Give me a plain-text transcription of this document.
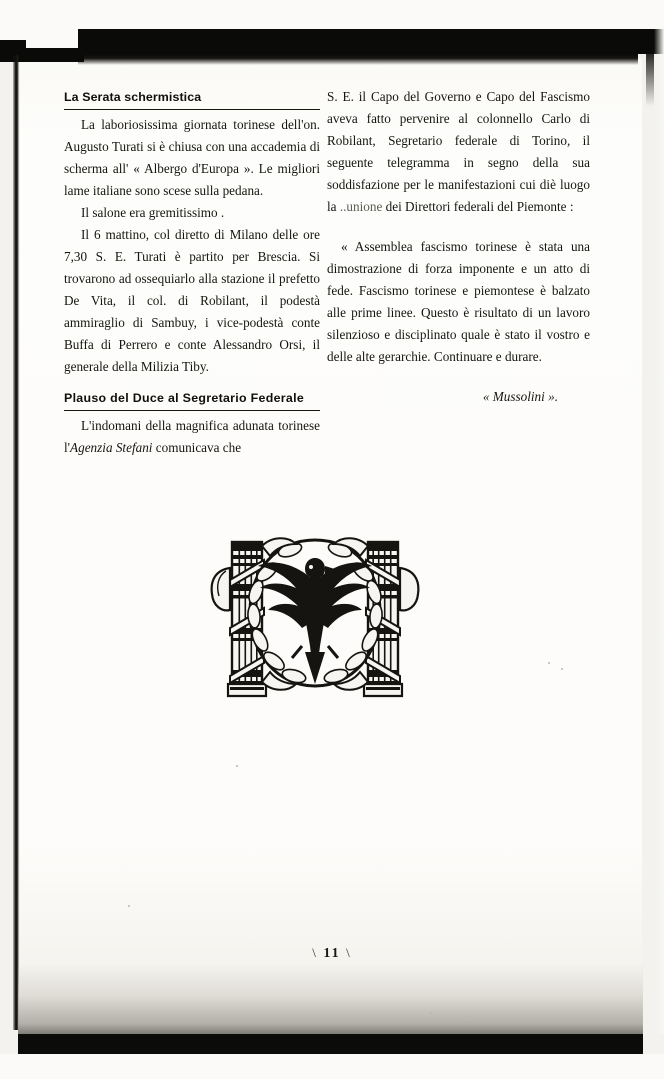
La Serata schermistica

La laboriosissima giornata torinese dell'on. Augusto Turati si è chiusa con una accademia di scherma all' « Albergo d'Europa ». Le migliori lame italiane sono scese sulla pedana.

Il salone era gremitissimo .

Il 6 mattino, col diretto di Milano delle ore 7,30 S. E. Turati è partito per Brescia. Si trovarono ad ossequiarlo alla stazione il prefetto De Vita, il col. di Robilant, il podestà ammiraglio di Sambuy, i vice-podestà conte Buffa di Perrero e conte Alessandro Orsi, il generale della Milizia Tiby.

Plauso del Duce al Segretario Federale

L'indomani della magnifica adunata torinese l'Agenzia Stefani comunicava che

S. E. il Capo del Governo e Capo del Fascismo aveva fatto pervenire al colonnello Carlo di Robilant, Segretario federale di Torino, il seguente telegramma in segno della sua soddisfazione per le manifestazioni cui diè luogo la ..unione dei Direttori federali del Piemonte :

« Assemblea fascismo torinese è stata una dimostrazione di forza imponente e un atto di fede. Fascismo torinese e piemontese è balzato alle prime linee. Questo è risultato di un lavoro silenzioso e disciplinato quale è stato il vostro e delle alte gerarchie. Continuare e durare.

« Mussolini ».

\ 11 \
